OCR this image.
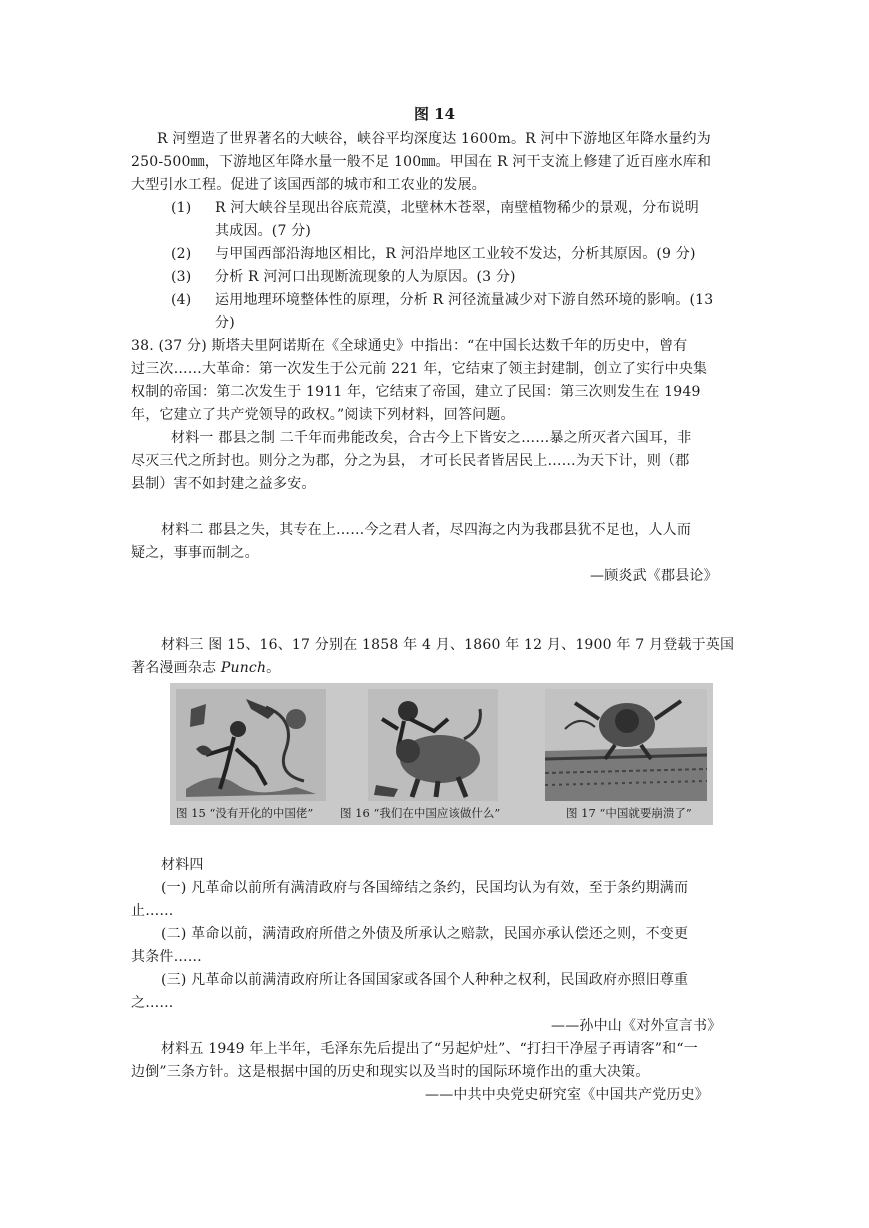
图 14
R 河塑造了世界著名的大峡谷，峡谷平均深度达 1600m。R 河中下游地区年降水量约为
250-500㎜，下游地区年降水量一般不足 100㎜。甲国在 R 河干支流上修建了近百座水库和
大型引水工程。促进了该国西部的城市和工农业的发展。
(1) R 河大峡谷呈现出谷底荒漠，北壁林木苍翠，南壁植物稀少的景观，分布说明
其成因。(7 分)
(2) 与甲国西部沿海地区相比，R 河沿岸地区工业较不发达，分析其原因。(9 分)
(3) 分析 R 河河口出现断流现象的人为原因。(3 分)
(4) 运用地理环境整体性的原理，分析 R 河径流量减少对下游自然环境的影响。(13
分)
38. (37 分) 斯塔夫里阿诺斯在《全球通史》中指出：“在中国长达数千年的历史中，曾有
过三次……大革命：第一次发生于公元前 221 年，它结束了领主封建制，创立了实行中央集
权制的帝国：第二次发生于 1911 年，它结束了帝国，建立了民国：第三次则发生在 1949
年，它建立了共产党领导的政权。”阅读下列材料，回答问题。
材料一 郡县之制 二千年而弗能改矣，合古今上下皆安之……暴之所灭者六国耳，非
尽灭三代之所封也。则分之为郡，分之为县， 才可长民者皆居民上……为天下计，则（郡
县制）害不如封建之益多安。
材料二 郡县之失，其专在上……今之君人者，尽四海之内为我郡县犹不足也，人人而
疑之，事事而制之。
—顾炎武《郡县论》
材料三 图 15、16、17 分别在 1858 年 4 月、1860 年 12 月、1900 年 7 月登载于英国
著名漫画杂志 Punch。
图 15 “没有开化的中国佬” 图 16 “我们在中国应该做什么”	图 17 “中国就要崩溃了”
材料四
(一) 凡革命以前所有满清政府与各国缔结之条约，民国均认为有效，至于条约期满而
止……
(二) 革命以前，满清政府所借之外债及所承认之赔款，民国亦承认偿还之则，不变更
其条件……
(三) 凡革命以前满清政府所让各国国家或各国个人种种之权利，民国政府亦照旧尊重
之……
——孙中山《对外宣言书》
材料五 1949 年上半年，毛泽东先后提出了“另起炉灶”、“打扫干净屋子再请客”和“一
边倒”三条方针。这是根据中国的历史和现实以及当时的国际环境作出的重大决策。
——中共中央党史研究室《中国共产党历史》
